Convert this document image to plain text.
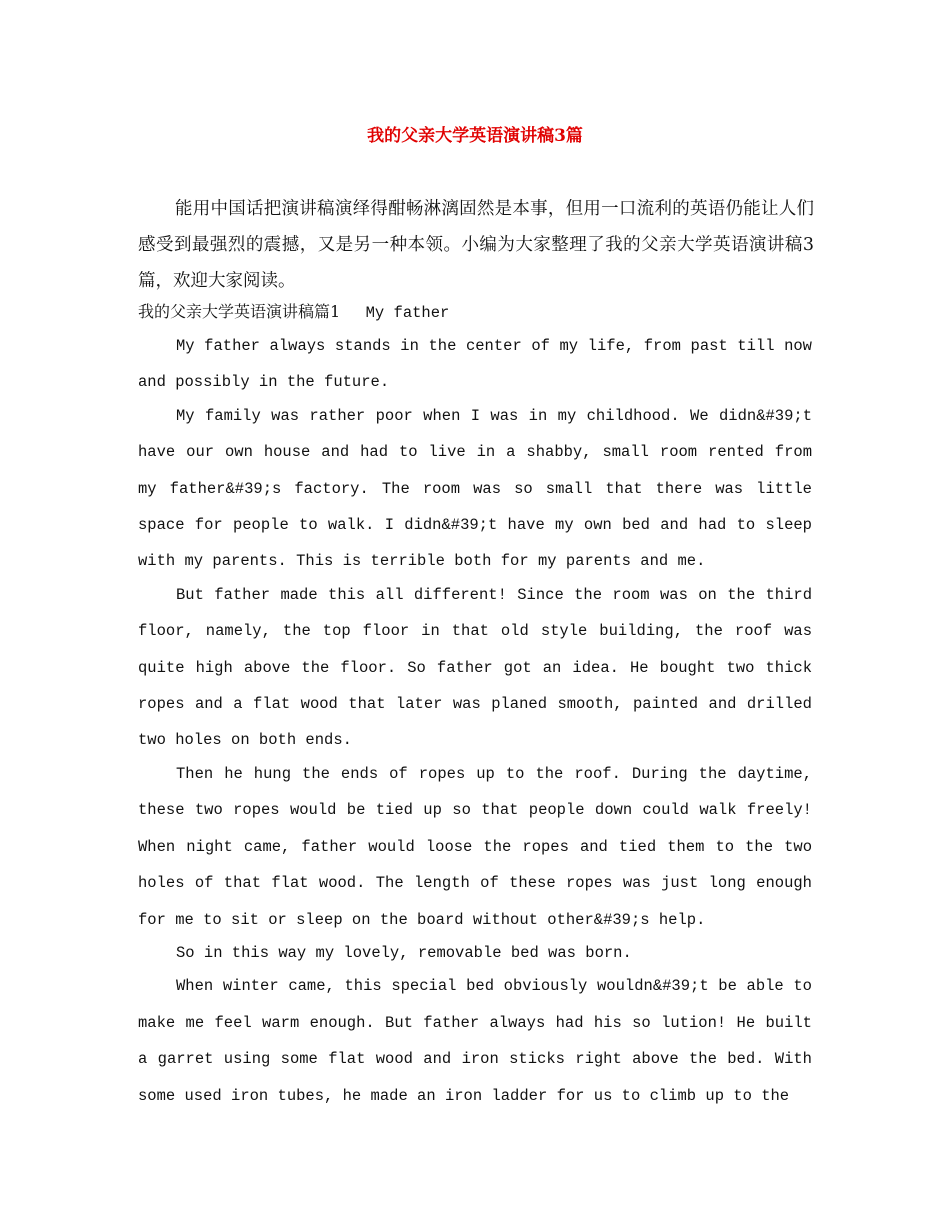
我的父亲大学英语演讲稿3篇
能用中国话把演讲稿演绎得酣畅淋漓固然是本事，但用一口流利的英语仍能让人们感受到最强烈的震撼，又是另一种本领。小编为大家整理了我的父亲大学英语演讲稿3篇，欢迎大家阅读。
我的父亲大学英语演讲稿篇1 My father

My father always stands in the center of my life, from past till now and possibly in the future.

My family was rather poor when I was in my childhood. We didn&#39;t have our own house and had to live in a shabby, small room rented from my father&#39;s factory. The room was so small that there was little space for people to walk. I didn&#39;t have my own bed and had to sleep with my parents. This is terrible both for my parents and me.

But father made this all different! Since the room was on the third floor, namely, the top floor in that old style building, the roof was quite high above the floor. So father got an idea. He bought two thick ropes and a flat wood that later was planed smooth, painted and drilled two holes on both ends.

Then he hung the ends of ropes up to the roof. During the daytime, these two ropes would be tied up so that people down could walk freely! When night came, father would loose the ropes and tied them to the two holes of that flat wood. The length of these ropes was just long enough for me to sit or sleep on the board without other&#39;s help.

So in this way my lovely, removable bed was born.

When winter came, this special bed obviously wouldn&#39;t be able to make me feel warm enough. But father always had his so lution! He built a garret using some flat wood and iron sticks right above the bed. With some used iron tubes, he made an iron ladder for us to climb up to the
